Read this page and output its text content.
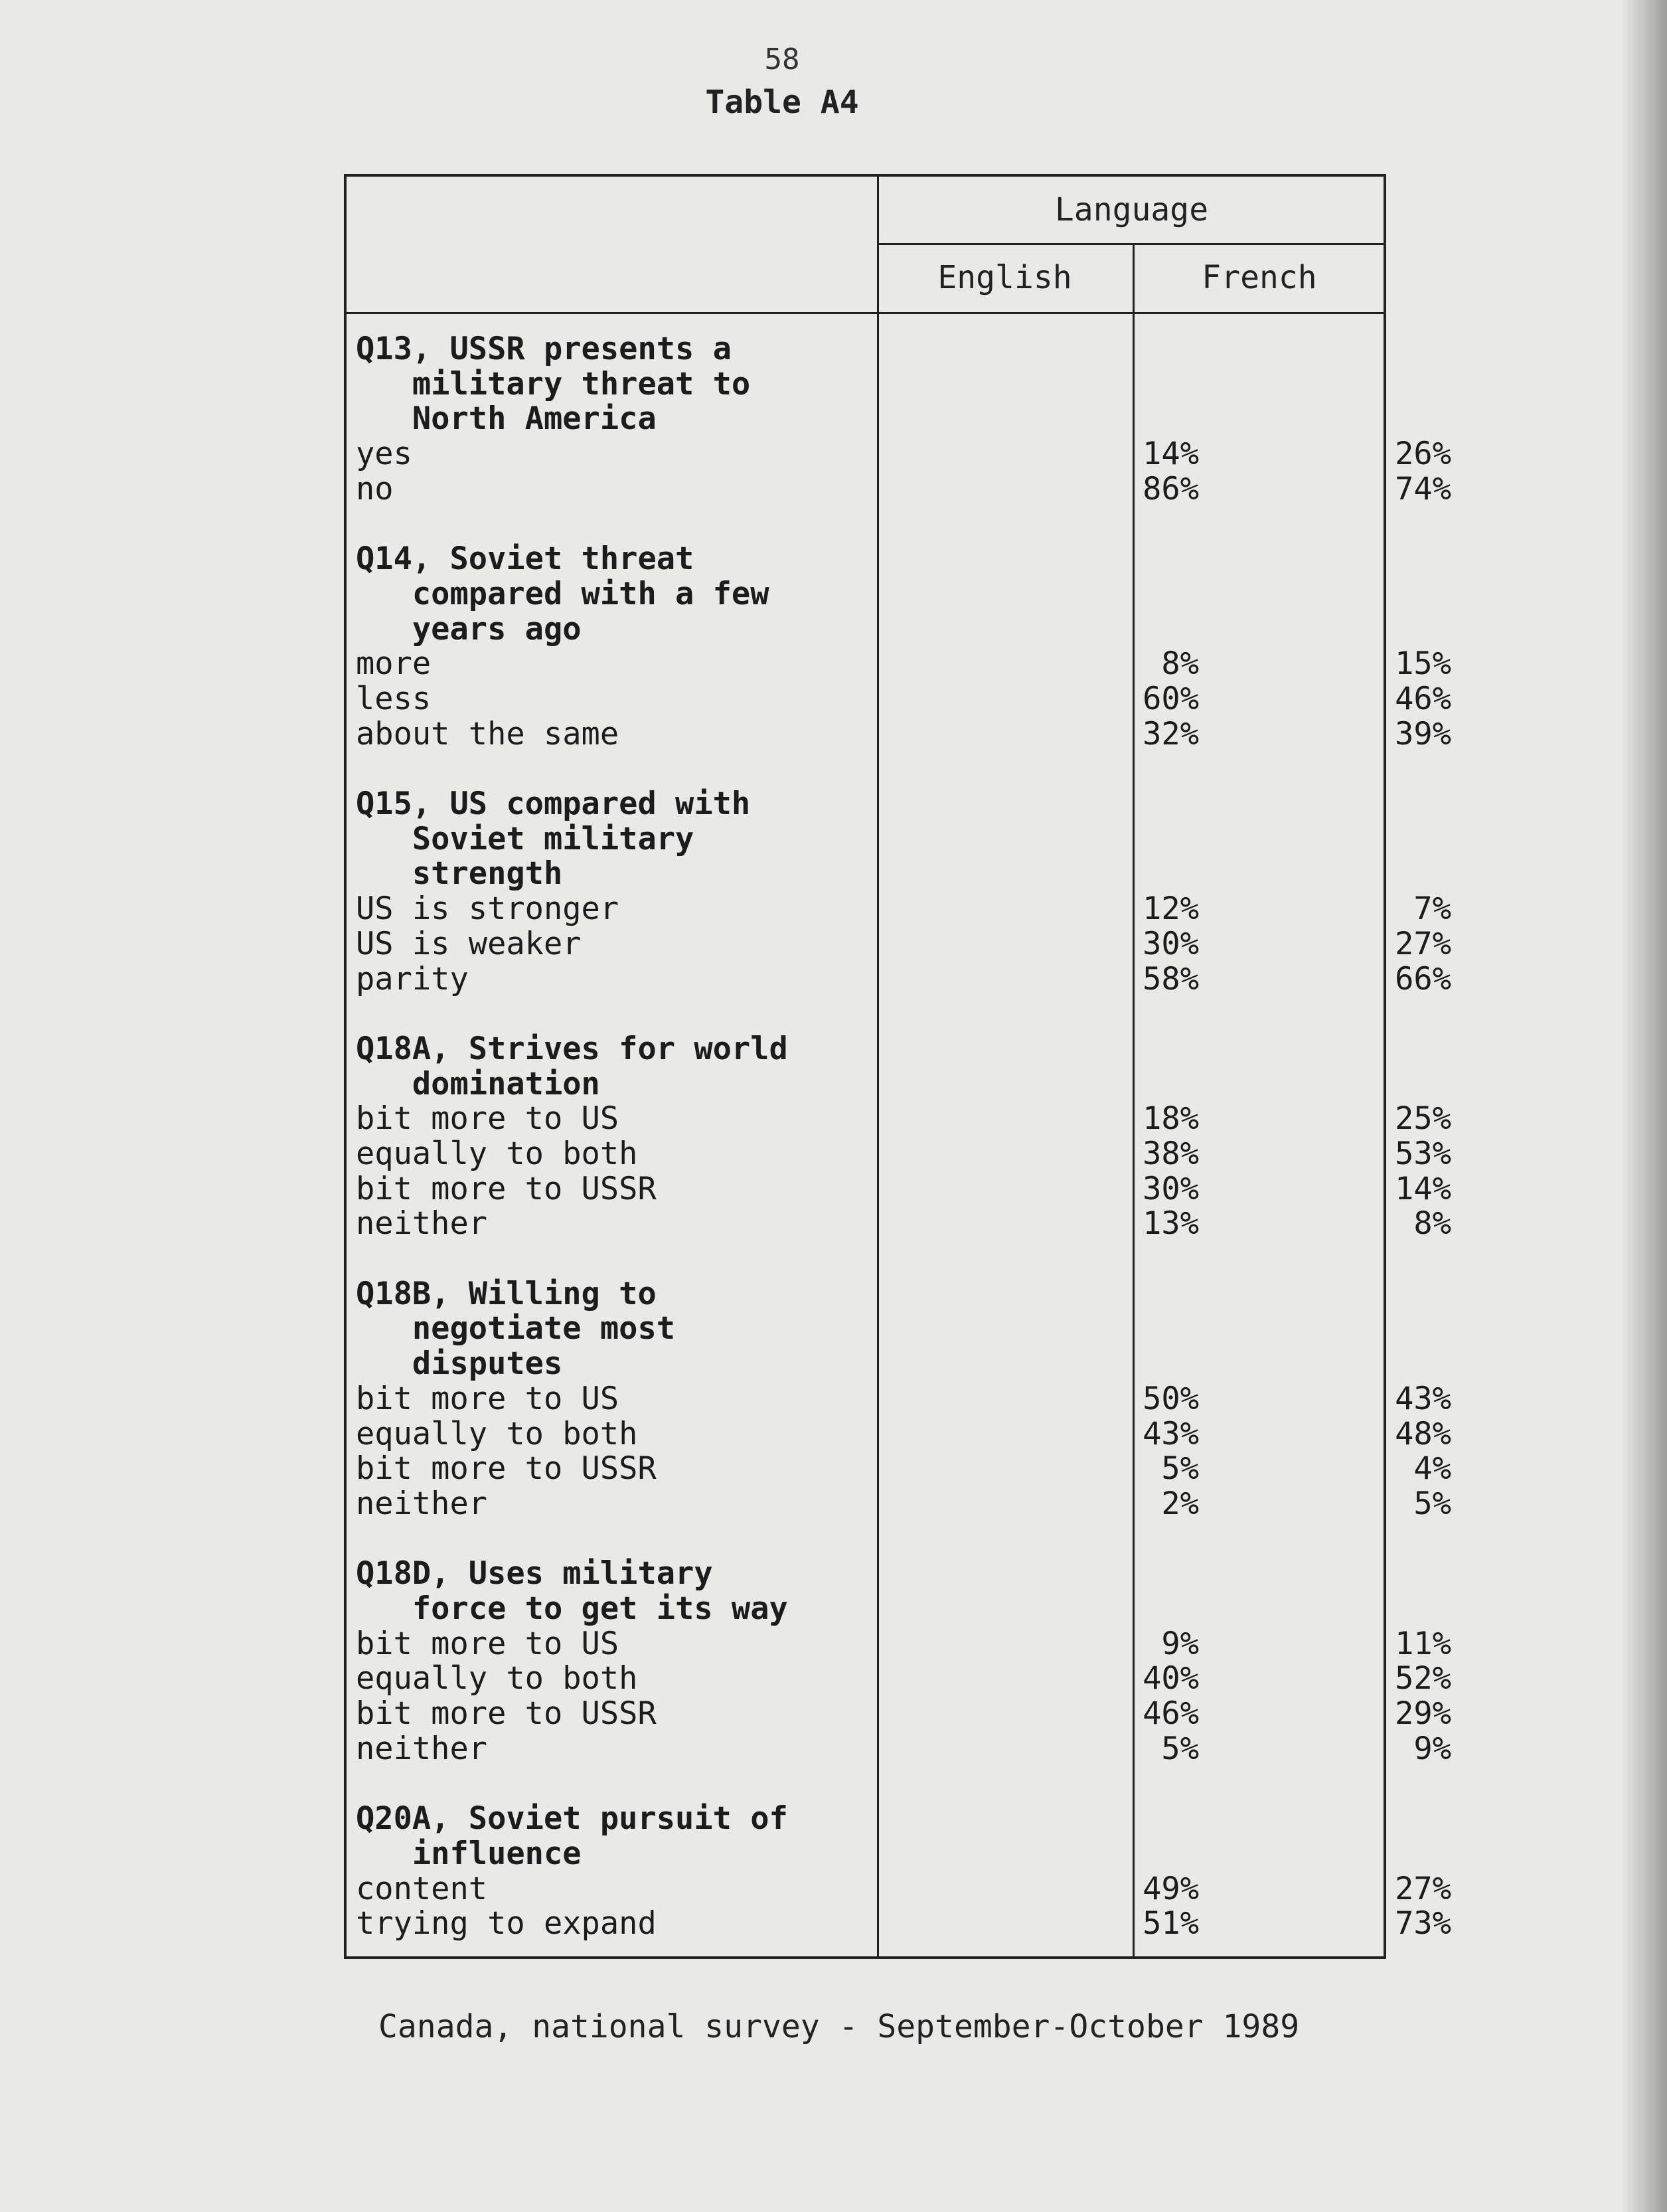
58
Table A4
Language
English	French
Q13, USSR presents a
military threat to
North America
yes	14%	26%
no	86%	74%
Q14, Soviet threat
compared with a few
years ago
more	8%	15%
less	60%	46%
about the same	32%	39%
Q15, US compared with
Soviet military
strength
US is stronger	12%	7%
US is weaker	30%	27%
parity	58%	66%
Q18A, Strives for world
domination
bit more to US	18%	25%
equally to both	38%	53%
bit more to USSR	30%	14%
neither	13%	8%
Q18B, Willing to
negotiate most
disputes
bit more to US	50%	43%
equally to both	43%	48%
bit more to USSR	5%	4%
neither	2%	5%
Q18D, Uses military
force to get its way
bit more to US	9%	11%
equally to both	40%	52%
bit more to USSR	46%	29%
neither	5%	9%
Q20A, Soviet pursuit of
influence
content	49%	27%
trying to expand	51%	73%
Canada, national survey - September-October 1989
